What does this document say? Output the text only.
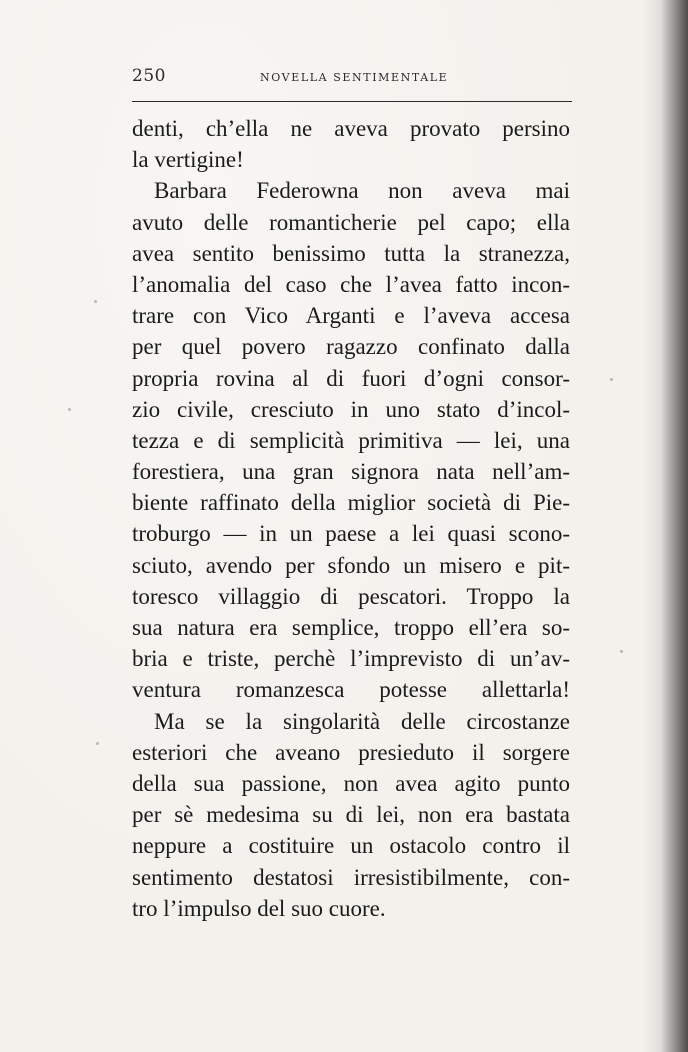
250	NOVELLA SENTIMENTALE
denti, ch’ella ne aveva provato persino
la vertigine!
Barbara Federowna non aveva mai
avuto delle romanticherie pel capo; ella
avea sentito benissimo tutta la stranezza,
l’anomalia del caso che l’avea fatto incon-
trare con Vico Arganti e l’aveva accesa
per quel povero ragazzo confinato dalla
propria rovina al di fuori d’ogni consor-
zio civile, cresciuto in uno stato d’incol-
tezza e di semplicità primitiva — lei, una
forestiera, una gran signora nata nell’am-
biente raffinato della miglior società di Pie-
troburgo — in un paese a lei quasi scono-
sciuto, avendo per sfondo un misero e pit-
toresco villaggio di pescatori. Troppo la
sua natura era semplice, troppo ell’era so-
bria e triste, perchè l’imprevisto di un’av-
ventura romanzesca potesse allettarla!
Ma se la singolarità delle circostanze
esteriori che aveano presieduto il sorgere
della sua passione, non avea agito punto
per sè medesima su di lei, non era bastata
neppure a costituire un ostacolo contro il
sentimento destatosi irresistibilmente, con-
tro l’impulso del suo cuore.
